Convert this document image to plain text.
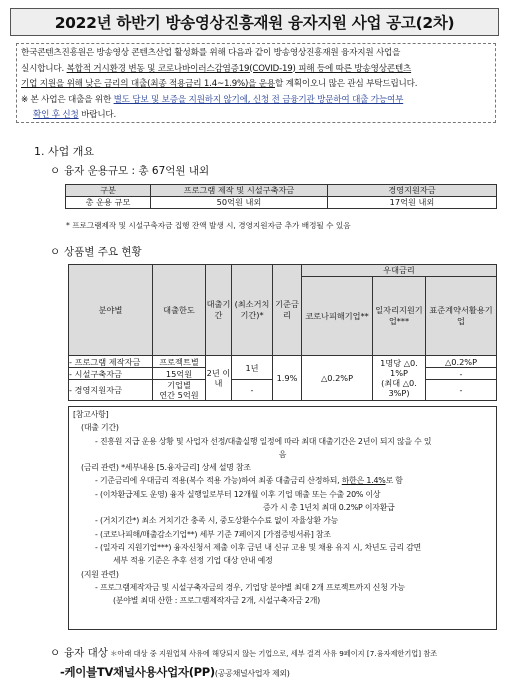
2022년 하반기 방송영상진흥재원 융자지원 사업 공고(2차)

한국콘텐츠진흥원은 방송영상 콘텐츠산업 활성화를 위해 다음과 같이 방송영상진흥재원 융자지원 사업을

실시합니다. 복합적 거시환경 변동 및 코로나바이러스감염증19(COVID-19) 피해 등에 따른 방송영상콘텐츠

기업 지원을 위해 낮은 금리의 대출(최종 적용금리 1.4~1.9%)을 운용할 계획이오니 많은 관심 부탁드립니다.

※ 본 사업은 대출을 위한 별도 담보 및 보증을 지원하지 않기에, 신청 전 금융기관 방문하여 대출 가능여부
확인 후 신청 바랍니다.

1. 사업 개요
ㅇ 융자 운용규모 : 총 67억원 내외
구분	프로그램 제작 및 시설구축자금	경영지원자금
총 운용 규모	50억원 내외	17억원 내외
* 프로그램제작 및 시설구축자금 집행 잔액 발생 시, 경영지원자금 추가 배정될 수 있음
ㅇ 상품별 주요 현황
분야별	대출한도	대출기간	(최소거치기간)*	기준금리	우대금리		
					코로나피해기업**	일자리지원기업***	표준계약서활용기업
- 프로그램 제작자금	프로젝트별	2년 이내	1년	1.9%	△0.2%P	1명당 △0.
1%P
(최대 △0.
3%P)	△0.2%P
- 시설구축자금	15억원						-
- 경영지원자금	기업별
연간 5억원		-				-
[참고사항]
(대출 기간)
- 진흥원 지급 운용 상황 및 사업자 선정/대출실행 일정에 따라 최대 대출기간은 2년이 되지 않을 수 있
음
(금리 관련) *세부내용 [5.융자금리] 상세 설명 참조
- 기준금리에 우대금리 적용(복수 적용 가능)하여 최종 대출금리 산정하되, 하한은 1.4%로 함
- (이차환급제도 운영) 융자 실행일로부터 12개월 이후 기업 매출 또는 수출 20% 이상
증가 시 총 1년치 최대 0.2%P 이자환급
- (거치기간*) 최소 거치기간 충족 시, 중도상환수수료 없이 자율상환 가능
- (코로나피해/매출감소기업**) 세부 기준 7페이지 [가점증빙서류] 참조
- (일자리 지원기업***) 융자신청서 제출 이후 금년 내 신규 고용 및 채용 유지 시, 차년도 금리 감면
세부 적용 기준은 추후 선정 기업 대상 안내 예정
(지원 관련)
- 프로그램제작자금 및 시설구축자금의 경우, 기업당 분야별 최대 2개 프로젝트까지 신청 가능
(분야별 최대 산한 : 프로그램제작자금 2개, 시설구축자금 2개)
ㅇ 융자 대상 ＊아래 대상 중 지원업체 사유에 해당되지 않는 기업으로, 세부 결격 사유 9페이지 [7.융자제한기업] 참조
-케이블TV채널사용사업자(PP)(공공채널사업자 제외)
